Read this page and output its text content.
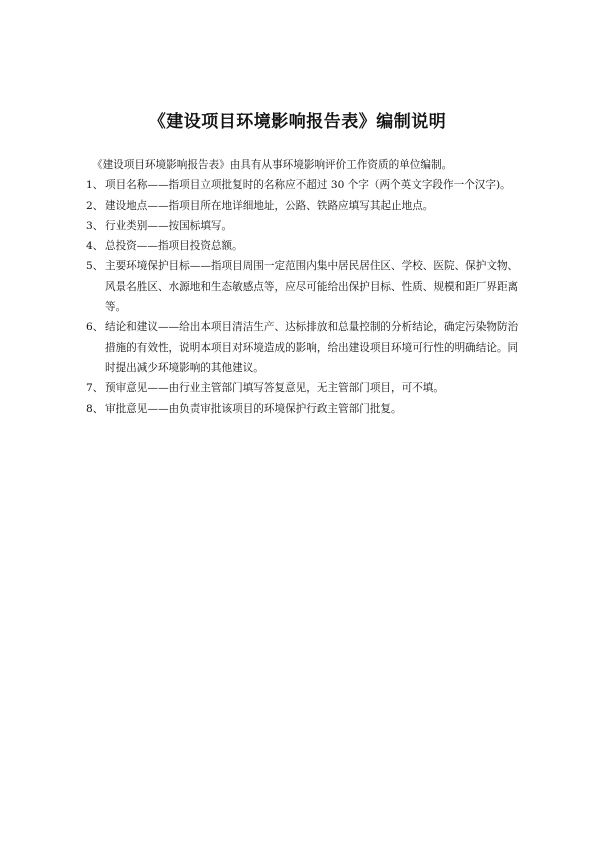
《建设项目环境影响报告表》编制说明
《建设项目环境影响报告表》由具有从事环境影响评价工作资质的单位编制。
1、 项目名称——指项目立项批复时的名称应不超过 30 个字（两个英文字段作一个汉字)。
2、 建设地点——指项目所在地详细地址，公路、铁路应填写其起止地点。
3、 行业类别——按国标填写。
4、 总投资——指项目投资总额。
5、 主要环境保护目标——指项目周围一定范围内集中居民居住区、学校、医院、保护文物、风景名胜区、水源地和生态敏感点等，应尽可能给出保护目标、性质、规模和距厂界距离等。
6、 结论和建议——给出本项目清洁生产、达标排放和总量控制的分析结论，确定污染物防治措施的有效性，说明本项目对环境造成的影响，给出建设项目环境可行性的明确结论。同时提出减少环境影响的其他建议。
7、 预审意见——由行业主管部门填写答复意见，无主管部门项目，可不填。
8、 审批意见——由负责审批该项目的环境保护行政主管部门批复。
